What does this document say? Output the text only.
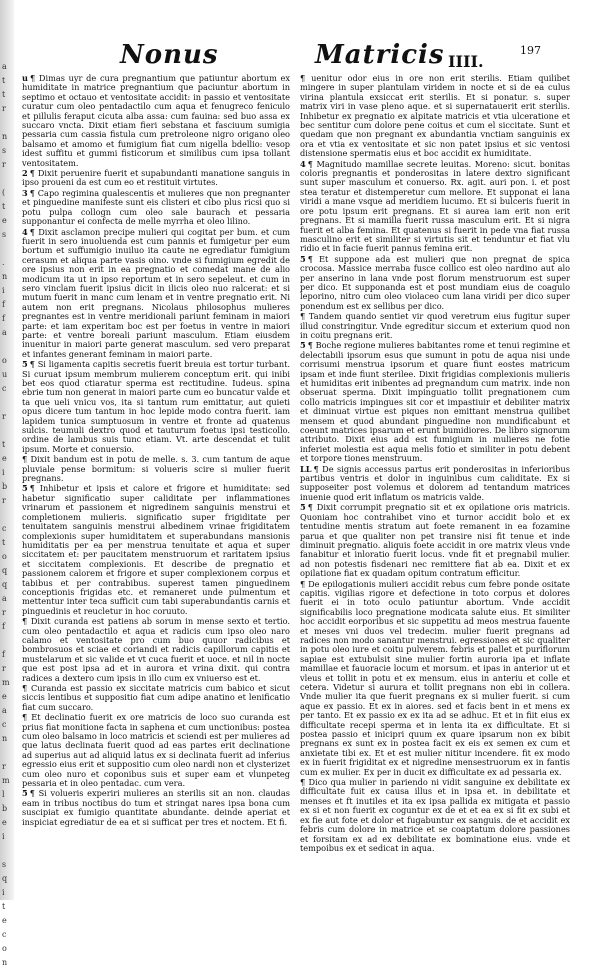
a
t
t
r

n
s
r

(
t
e
s

.
n
i
f
f
a

o
u
c

r

t
e
i
b
r

c
t
o
q
q
a
r
f

f
r
m
e
a
c
n

r
m
l
b
e
i

s
q
i
t
e
c
o
n
Nonus	Matricis IIII.
197

u ¶ Dimas uyr de cura pregnantium que patiuntur abortum ex humiditate in matrice pregnantium que paciuntur abortum in septimo et octauo et ventositate accidit: in passio et ventositate curatur cum oleo pentadactilo cum aqua et fenugreco feniculo et pillulis feraput cicuta alba assa: cum fauina: sed buo assa ex succaro vncta. Dixit etiam fieri sebstana et fasciuum sumigia pessaria cum cassia fistula cum pretroleone nigro origano oleo balsamo et amomo et fumigium fiat cum nigella bdellio: vesop idest suffitu et gummi fisticorum et similibus cum ipsa tollant ventositatem.

2 ¶ Dixit peruenire fuerit et supabundanti manatione sanguis in ipso proueni da est cum eo et restituit virtutes.

3 ¶ Capo regimina qualescentis et mulieres que non pregnanter et pinguedine manifeste sunt eis clisteri et cibo plus ricsi quo si potu pulpa collogn cum oleo sale baurach et pessaria supponantur ei confecta de melle myrrha et oleo lilino.

4 ¶ Dixit asclamon precipe mulieri qui cogitat per bum. et cum fuerit in sero inuoluenda est cum pannis et fumigetur per eum bortum et suffumigio inuiluo ita caute ne egrediatur fumigium cerasum et aliqua parte vasis oino. vnde si fumigium egredit de ore ipsius non erit in ea pregnatio et comedat mane de alio modicum ita ut in ipso reportum et in sero sepeleut. et cum in sero vinclam fuerit ipsius dicit in ilicis oleo nuo ralcerat: et si mutum fuerit in manc cum lenam et in ventre pregnatio erit. Ni autem non erit pregnans. Nicolaus philosophus mulieres pregnantes est in ventre meridionali pariunt feminam in maiori parte: et iam experitam boc est per foetus in ventre in maiori parte: et ventre boreali pariunt masculum. Etiam eiusdem inuenitur in maiori parte generat masculum. sed vero preparat et infantes generant feminam in maiori parte.

5 ¶ Si ligamenta capitis secretis fuerit breuia est tortur turbant. Si curuat ipsum membrum mulierem conceptum erit. qui inibi bet eos quod ctiaratur sperma est rectitudine. Iudeus. spina ebrie tum non generat in maiori parte cum eo buncatur valde et ta que ueli vnicu vos, ita si tantum rum emittatur, aut quieti opus dicere tum tantum in hoc lepide modo contra fuerit. iam lapidem tunica sumptuosum in ventre et fronte ad quatenus sulcis. teumuli dextro quod et tauturum foetus ipsi testicollo. ordine de lambus suis tunc etiam. Vt. arte descendat et tulit ipsum. Morte et conuersio.

¶ Dixit bandum est in potu de melle. s. 3. cum tantum de aque pluviale pense bormitum: si volueris scire si mulier fuerit pregnans.

5 ¶ Inhibetur et ipsis et calore et frigore et humiditate: sed habetur significatio super caliditate per inflammationes vrinarum et passionem et nigredinem sanguinis menstrui et completionem mulieris. significatio super frigiditate per tenuitatem sanguinis menstrui albedinem vrinae frigiditatem complexionis super humiditatem et superabundans mansionis humiditatis per ea per menstrua tenuitate et aqua et super siccitatem et: per paucitatem menstruorum et raritatem ipsius et siccitatem complexionis. Et describe de pregnatio et passionem calorem et frigore et super complexionem corpus et tabibus et per contrabibus. superest tamen pinguedinem conceptionis frigidas etc. et remaneret unde pulmentum et mettentur inter teca sufficit cum tabi superabundantis carnis et pinguedinis et reucletur in hoc coruuto.

¶ Dixit curanda est patiens ab sorum in mense sexto et tertio. cum oleo pentadactilo et aqua et radicis cum ipso oleo naro calamo et ventositate pro cum buo quuor radicibus et bombrosuos et sciae et coriandi et radicis capillorum capitis et mustelarum et sic valide et vt cuca fuerit et uoce. et nil in nocte que est post ipsa ad et in aurora et vrina dixit. qui contra radices a dextero cum ipsis in illo cum ex vniuerso est et.

¶ Curanda est passio ex siccitate matricis cum babico et sicut siccis lentibus et suppositio fiat cum adipe anatino et lenificatio fiat cum succaro.

¶ Et declinatio fuerit ex ore matricis de loco suo curanda est prius fiat monitione facta in saphena et cum unctionibus: postea cum oleo balsamo in loco matricis et sciendi est per mulieres ad que latus declinata fuerit quod ad eas partes erit declinatione ad superius aut ad aliquid latus ex si declinata fuerit ad inferius egressio eius erit et suppositio cum oleo nardi non et clysterizet cum oleo nuro et coponibus suis et super eam et vlunpeteg pessaria et in oleo pentadac. cum vera.

5 ¶ Si volueris experiri mulieres an sterilis sit an non. claudas eam in tribus noctibus do tum et stringat nares ipsa bona cum suscipiat ex fumigio quantitate abundante. deinde aperiat et inspiciat egrediatur de ea et si sufficat per tres et noctem. Et fi.

¶ uenitur odor eius in ore non erit sterilis. Etiam quilibet mingere in super plantulam viridem in nocte et si de ea culus virina plantula exsiccat erit sterilis. Et si ponatur. s. super matrix viri in vase pleno aque. et si supernatauerit erit sterilis. Inhibetur ex pregnatio ex alpitate matricis et vtia ulceratione et bec sentitur cum dolore pene coitus et cum el siccitate. Sunt et quedam que non pregnant ex abundantia vnctiam sanguinis ex ora et vtia ex ventositate et sic non patet ipsius et sic ventosi distensione spermatis eius et boc accidit ex humiditate.

4 ¶ Magnitudo mamillae secrete leuitas. Moreno: sicut. bonitas coloris pregnantis et ponderositas in latere dextro significant sunt super masculum et conuerso. Rx. agit. auri pon. i. et post stea teratur et distemperetur cum mellore. Et supponat ei lana viridi a mane vsque ad meridiem lucumo. Et si bulceris fuerit in ore potu ipsum erit pregnans. Et si aurea iam erit non erit pregnans. Et si mamilla fuerit russa masculum erit. Et si nigra fuerit et alba femina. Et quatenus si fuerit in pede vna fiat russa masculino erit et similiter si virtutis sit et tenduntur et fiat vlu ridio et in facie fuerit pannus femina erit.

5 ¶ Et suppone ada est mulieri que non pregnat de spica crocosa. Massice merraba fusce collico est oleo nardino aut alo per anserino in lana vnde post florum menstruorum est super per dico. Et supponanda est et post mundiam eius de coagulo leporino, nitro cum oleo violaceo cum lana viridi per dico super ponendum est ex sellibus per dico.

¶ Tandem quando sentiet vir quod veretrum eius fugitur super illud constringitur. Vnde egreditur siccum et exterium quod non in coitu pregnans erit.

5 ¶ Boche regione mulieres babitantes rome et tenui regimine et delectabili ipsorum esus que sumunt in potu de aqua nisi unde corrisumi menstrua ipsorum et quare fiunt eostes matricum ipsam et inde fiunt sterilee. Dixit frigidias complexionis mulieris et humiditas erit inibentes ad pregnandum cum matrix. inde non obseruat sperma. Dixit impinguatio tollit pregnationem cum collo matricis impingues sit cor et impastiuir et debiliter matrix et diminuat virtue est piques non emittant menstrua quilibet mensem et quod abundant pinguedine non mundificabunt et coeunt matrices ipsarum et erunt bumidiores. De libro signorum attributo. Dixit eius add est fumigium in mulieres ne fotie inferiet molestia est aqua melis fotio et similiter in potu debent et torpore tiones menstruum.

LL ¶ De signis accessus partus erit ponderositas in inferioribus partibus ventris et dolor in inguinibus cum caliditate. Ex si supposeiter post volemus et dolorem ad tentandum matrices inuenie quod erit inflatum os matricis valde.

5 ¶ Dixit corrumpit pregnatio sit et ex opilatione oris matricis. Quoniam hoc contrahibet vino et turnor accidit bolo et ex tentudine mentis stratum aut foete remanent in ea fozamine parua et que qualiter non pet transire nisi fit tenue et inde diminuit pregnatio. aliquis foete accidit in ore matrix vleus vnde fanabitur et inloratio fuerit locus. vnde fit et pregnabil mulier. ad non potestis fisdenari nec remittere fiat ab ea. Dixit et ex opilatione fiat ex quadam opitum contratum efficitur.

¶ De epilogationis mulieri accidit rebus cum febre ponde ositate capitis. vigilias rigore et defectione in toto corpus et dolores fuerit ei in toto oculo patiuntur abortum. Vnde accidit significabilis loco pregnatione modicata salute eius. Et similiter hoc accidit eorporibus et sic suppetitu ad meos mestrua fauente et meses vni duos vel tredecim. mulier fuerit pregnans ad radices non modo sanantur menstrui. egressiones et sic qualiter in potu oleo iure et coitu pulverem. febris et pallet et puriflorum sapiae est extubulsit sine mulier fortin auroria ipa et inflate mamillae et fauoracie locum et morsum. et ipas in anterior ut et vleus et tollit in potu et ex mensum. eius in anteriu et colle et cetera. Videtur si aurura et tollit pregnans non ebi in collera. Vnde mulier ita que fuerit pregnans ex si mulier fuerit. si cum aque ex passio. Et ex in aiores. sed et facis bent in et mens ex per tanto. Et ex passio ex ex ita ad se adhuc. Et et in fiit eius ex difficultate recepi sperma et in lenta ita ex difficultate. Et si postea passio et inicipri quum ex quare ipsarum non ex bibit pregnans ex sunt ex in postea facit ex eis ex semen ex cum et anxietate tibi ex. Et et est mulier nititur incendere. fit ex modo ex in fuerit frigiditat ex et nigredine mensestruorum ex in fantis cum ex mulier. Ex per in ducit ex difficultate ex ad pessaria ex.

¶ Dico qua mulier in pariendo ni vidit sanguine ex debilitate ex difficultate fuit ex causa illus et in ipsa et. in debilitate et menses et ft inutiles et ita ex ipsa pallida ex mitigata et passio ex si et non fuerit ex coguntur ex de et et ea ex si fit ex subi et ex fie aut fote et dolor et fugabuntur ex sanguis. de et accidit ex febris cum dolore in matrice et se coaptatum dolore passiones et forsitam ex ad ex debilitate ex bominatione eius. vnde et tempoibus ex et sedicat in aqua.
